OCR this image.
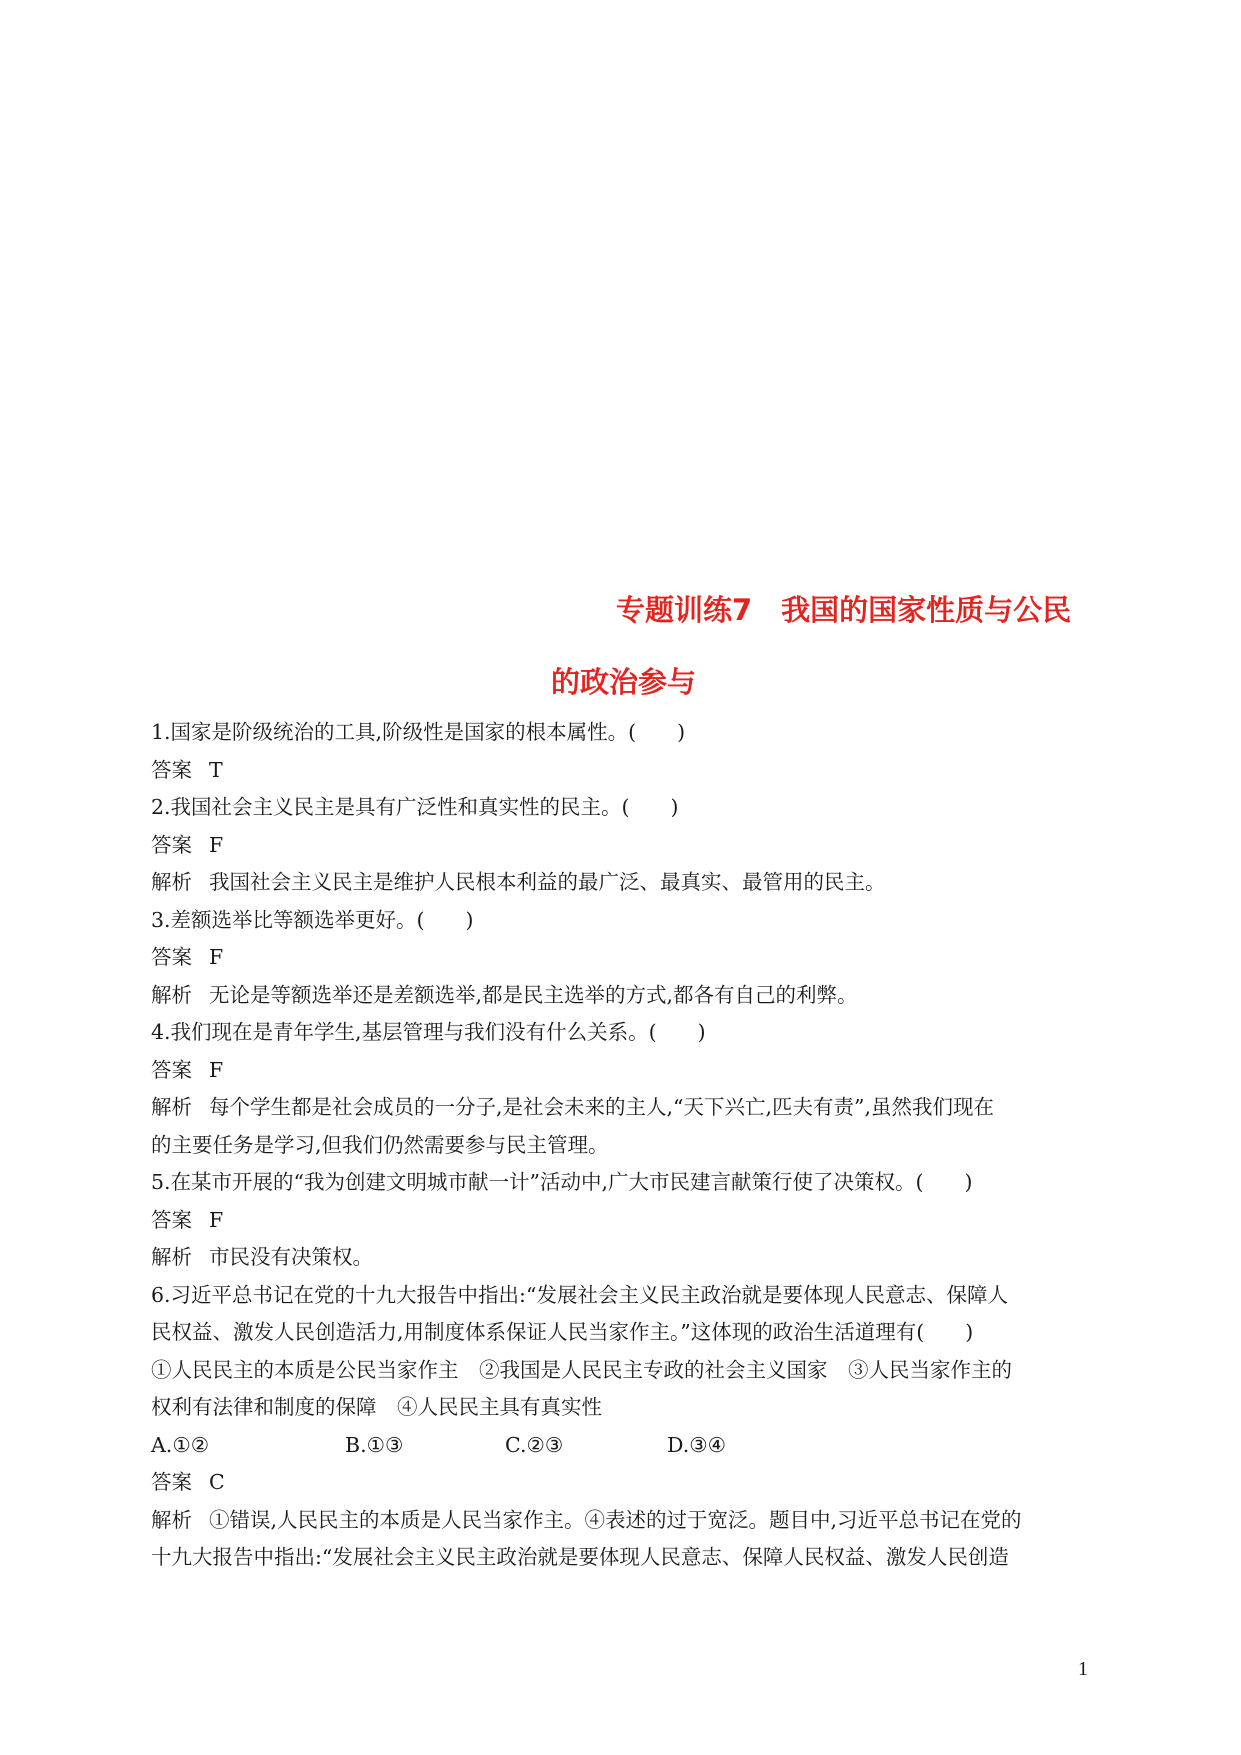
专题训练7　我国的国家性质与公民
的政治参与
1.国家是阶级统治的工具,阶级性是国家的根本属性。(　　)
答案 T
2.我国社会主义民主是具有广泛性和真实性的民主。(　　)
答案 F
解析 我国社会主义民主是维护人民根本利益的最广泛、最真实、最管用的民主。
3.差额选举比等额选举更好。(　　)
答案 F
解析 无论是等额选举还是差额选举,都是民主选举的方式,都各有自己的利弊。
4.我们现在是青年学生,基层管理与我们没有什么关系。(　　)
答案 F
解析 每个学生都是社会成员的一分子,是社会未来的主人,“天下兴亡,匹夫有责”,虽然我们现在
的主要任务是学习,但我们仍然需要参与民主管理。
5.在某市开展的“我为创建文明城市献一计”活动中,广大市民建言献策行使了决策权。(　　)
答案 F
解析 市民没有决策权。
6.习近平总书记在党的十九大报告中指出:“发展社会主义民主政治就是要体现人民意志、保障人
民权益、激发人民创造活力,用制度体系保证人民当家作主。”这体现的政治生活道理有(　　)
①人民民主的本质是公民当家作主　②我国是人民民主专政的社会主义国家　③人民当家作主的
权利有法律和制度的保障　④人民民主具有真实性
A.①②	B.①③	C.②③	D.③④
答案 C
解析 ①错误,人民民主的本质是人民当家作主。④表述的过于宽泛。题目中,习近平总书记在党的
十九大报告中指出:“发展社会主义民主政治就是要体现人民意志、保障人民权益、激发人民创造
1
